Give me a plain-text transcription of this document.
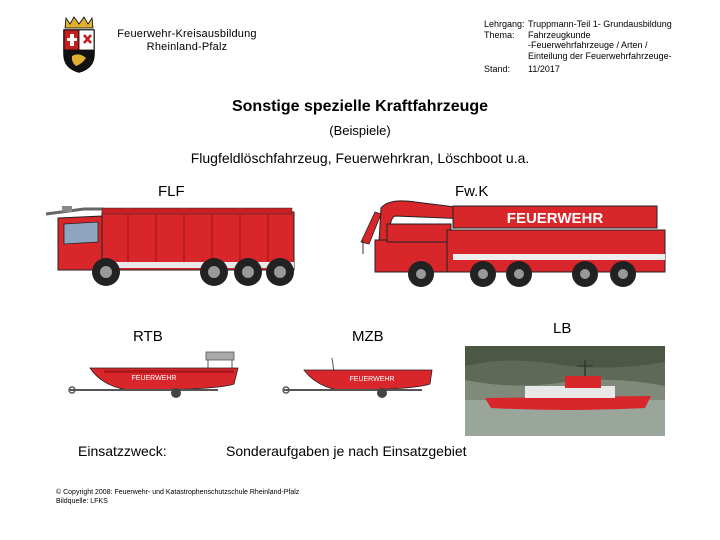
Feuerwehr-Kreisausbildung
Rheinland-Pfalz
Lehrgang: Truppmann-Teil 1- Grundausbildung
Thema:	Fahrzeugkunde
-Feuerwehrfahrzeuge / Arten /
Einteilung der Feuerwehrfahrzeuge-
Stand:	11/2017
Sonstige spezielle Kraftfahrzeuge
(Beispiele)
Flugfeldlöschfahrzeug, Feuerwehrkran, Löschboot u.a.
FLF	Fw.K
RTB	MZB	LB
FEUERWEHR
FEUERWEHR	FEUERWEHR
Einsatzzweck:	Sonderaufgaben je nach Einsatzgebiet
© Copyright 2008: Feuerwehr- und Katastrophenschutzschule Rheinland-Pfalz
Bildquelle: LFKS
